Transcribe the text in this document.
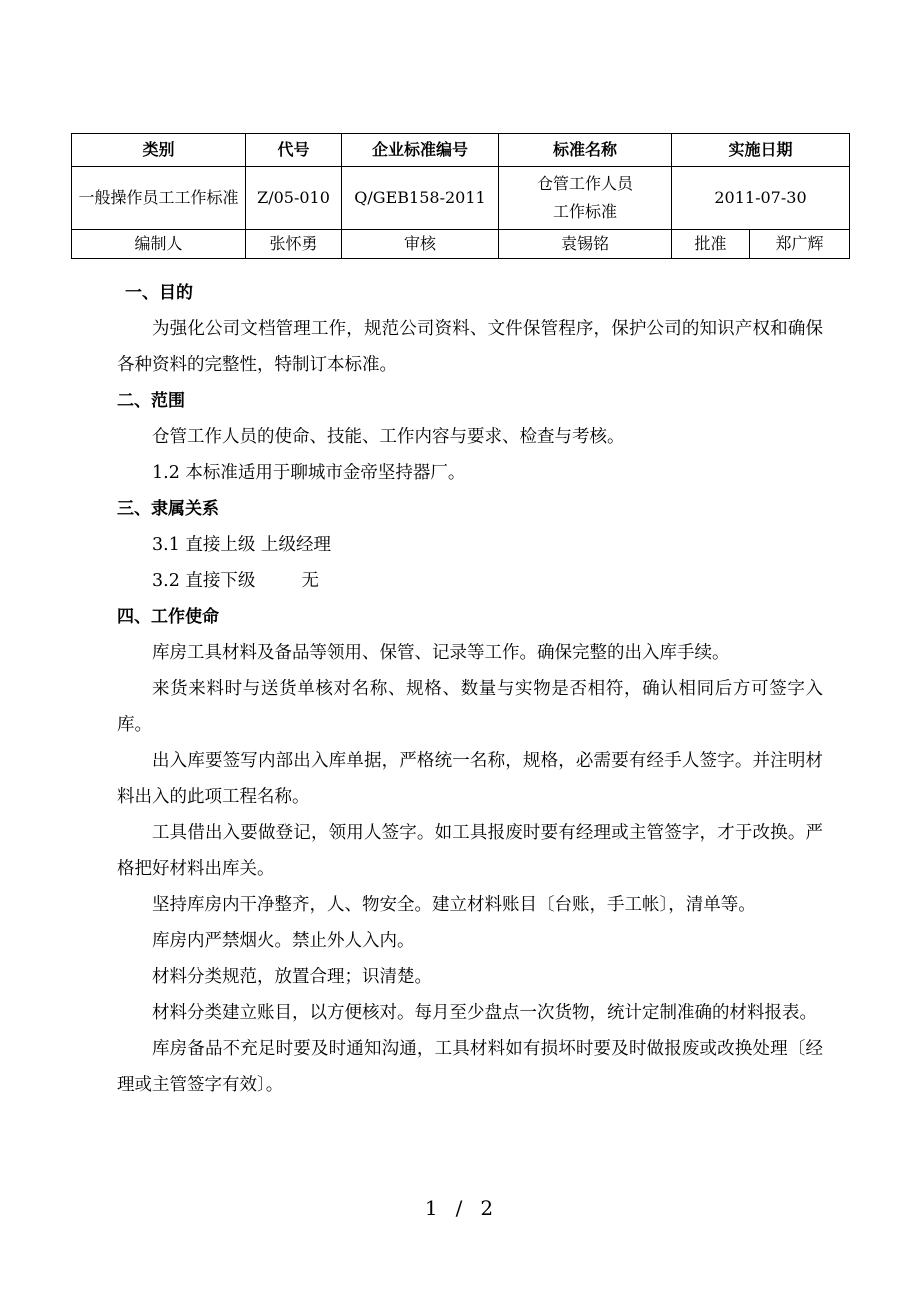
类别	代号	企业标准编号	标准名称	实施日期	
一般操作员工工作标准	Z/05-010	Q/GEB158-2011	仓管工作人员工作标准	2011-07-30	
编制人	张怀勇	审核	袁锡铭	批准	郑广辉
一、目的
为强化公司文档管理工作，规范公司资料、文件保管程序，保护公司的知识产权和确保各种资料的完整性，特制订本标准。
二、范围
仓管工作人员的使命、技能、工作内容与要求、检查与考核。
1.2 本标准适用于聊城市金帝坚持器厂。
三、隶属关系
3.1 直接上级 上级经理
3.2 直接下级	无
四、工作使命
库房工具材料及备品等领用、保管、记录等工作。确保完整的出入库手续。
来货来料时与送货单核对名称、规格、数量与实物是否相符，确认相同后方可签字入库。
出入库要签写内部出入库单据，严格统一名称，规格，必需要有经手人签字。并注明材料出入的此项工程名称。
工具借出入要做登记，领用人签字。如工具报废时要有经理或主管签字，才于改换。严格把好材料出库关。
坚持库房内干净整齐，人、物安全。建立材料账目〔台账，手工帐〕，清单等。
库房内严禁烟火。禁止外人入内。
材料分类规范，放置合理；识清楚。
材料分类建立账目，以方便核对。每月至少盘点一次货物，统计定制准确的材料报表。
库房备品不充足时要及时通知沟通，工具材料如有损坏时要及时做报废或改换处理〔经理或主管签字有效〕。
1 / 2
